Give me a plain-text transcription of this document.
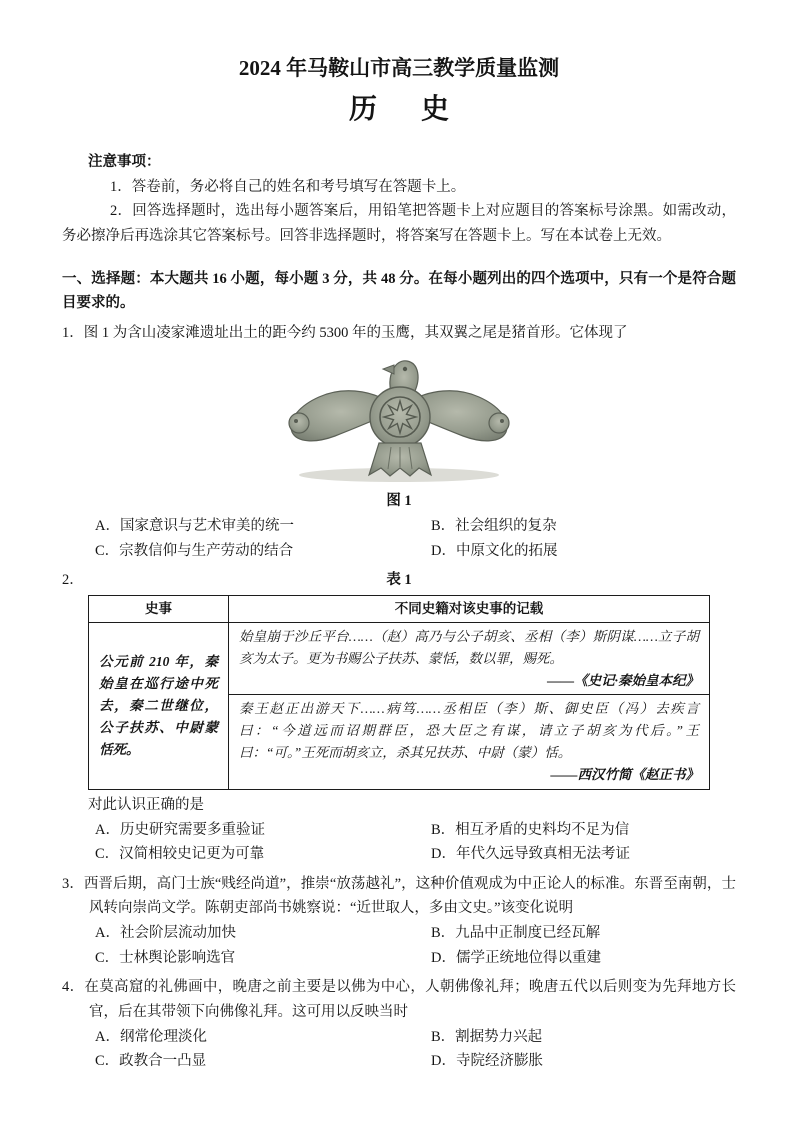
2024 年马鞍山市高三教学质量监测
历　史
注意事项：
1．答卷前，务必将自己的姓名和考号填写在答题卡上。
2．回答选择题时，选出每小题答案后，用铅笔把答题卡上对应题目的答案标号涂黑。如需改动，务必擦净后再选涂其它答案标号。回答非选择题时，将答案写在答题卡上。写在本试卷上无效。
一、选择题：本大题共 16 小题，每小题 3 分，共 48 分。在每小题列出的四个选项中，只有一个是符合题目要求的。
1．图 1 为含山凌家滩遗址出土的距今约 5300 年的玉鹰，其双翼之尾是猪首形。它体现了
图 1
A．国家意识与艺术审美的统一	B．社会组织的复杂
C．宗教信仰与生产劳动的结合	D．中原文化的拓展
2．	表 1
史事	不同史籍对该史事的记载
公元前 210 年，秦始皇在巡行途中死去，秦二世继位，公子扶苏、中尉蒙恬死。	始皇崩于沙丘平台……（赵）高乃与公子胡亥、丞相（李）斯阴谋……立子胡亥为太子。更为书赐公子扶苏、蒙恬，数以罪，赐死。
——《史记·秦始皇本纪》

	秦王赵正出游天下……病笃……丞相臣（李）斯、御史臣（冯）去疾言曰：“今道远而诏期群臣，恐大臣之有谋，请立子胡亥为代后。”王曰：“可。”王死而胡亥立，杀其兄扶苏、中尉（蒙）恬。
——西汉竹简《赵正书》
对此认识正确的是
A．历史研究需要多重验证	B．相互矛盾的史料均不足为信
C．汉简相较史记更为可靠	D．年代久远导致真相无法考证
3．西晋后期，高门士族“贱经尚道”，推崇“放荡越礼”，这种价值观成为中正论人的标准。东晋至南朝，士风转向崇尚文学。陈朝吏部尚书姚察说：“近世取人，多由文史。”该变化说明
A．社会阶层流动加快	B．九品中正制度已经瓦解
C．士林舆论影响选官	D．儒学正统地位得以重建
4．在莫高窟的礼佛画中，晚唐之前主要是以佛为中心，人朝佛像礼拜；晚唐五代以后则变为先拜地方长官，后在其带领下向佛像礼拜。这可用以反映当时
A．纲常伦理淡化	B．割据势力兴起
C．政教合一凸显	D．寺院经济膨胀
